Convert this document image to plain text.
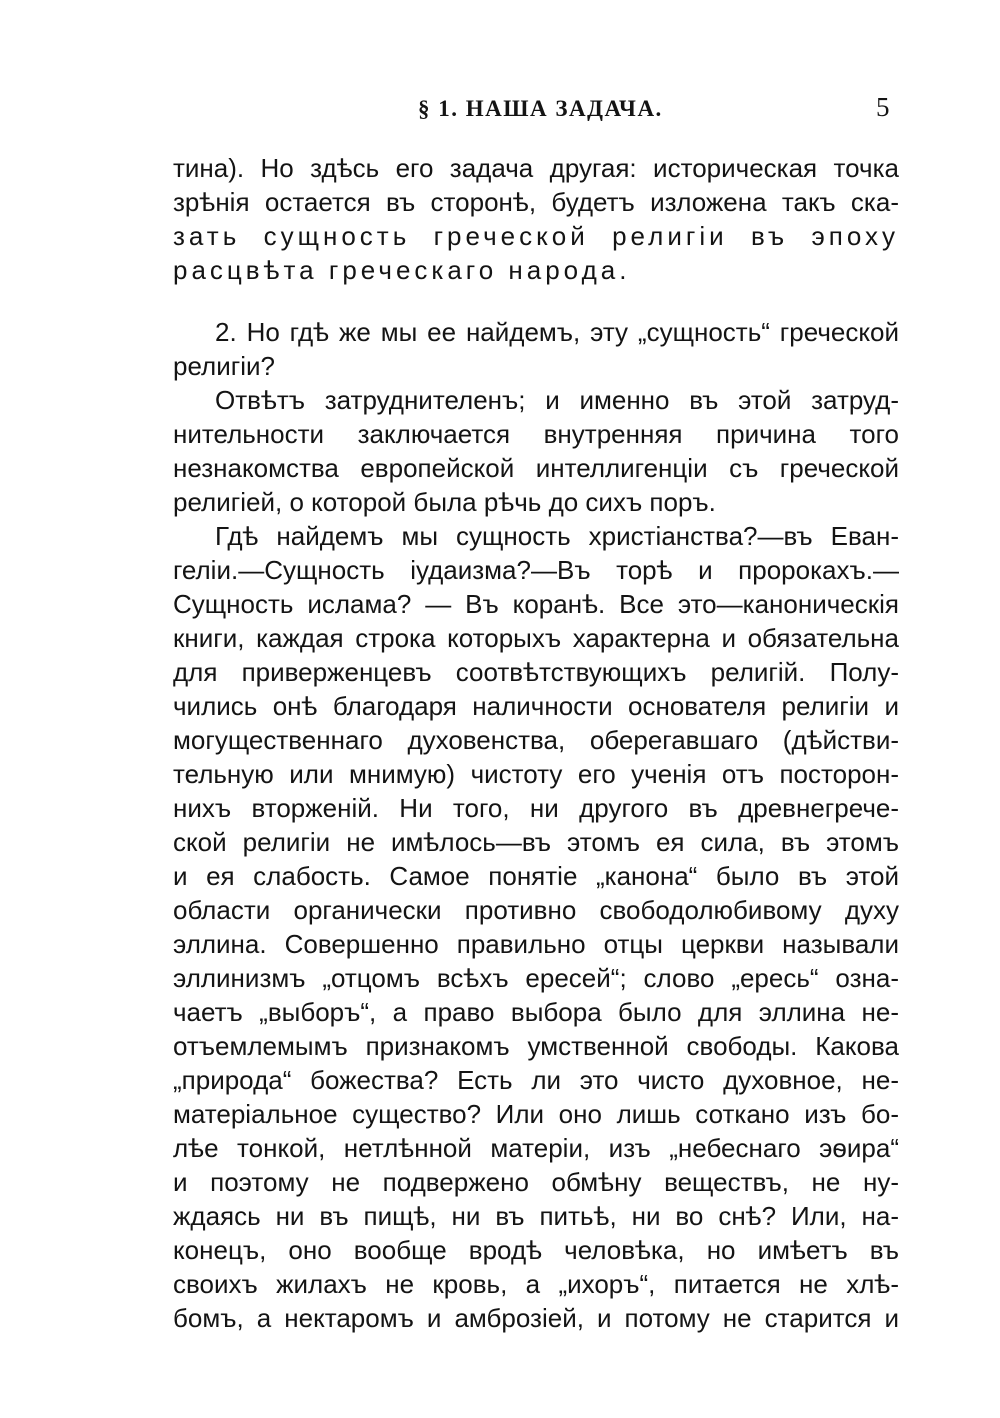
§ 1. НАША ЗАДАЧА.	5
тина). Но здѣсь его задача другая: историческая точка
зрѣнія остается въ сторонѣ, будетъ изложена такъ ска-
зать сущность греческой религіи въ эпоху
расцвѣта греческаго народа.
2. Но гдѣ же мы ее найдемъ, эту „сущность“ греческой
религіи?
Отвѣтъ затруднителенъ; и именно въ этой затруд-
нительности заключается внутренняя причина того
незнакомства европейской интеллигенціи съ греческой
религіей, о которой была рѣчь до сихъ поръ.
Гдѣ найдемъ мы сущность христіанства?—въ Еван-
геліи.—Сущность іудаизма?—Въ торѣ и пророкахъ.—
Сущность ислама? — Въ коранѣ. Все это—каноническія
книги, каждая строка которыхъ характерна и обязательна
для приверженцевъ соотвѣтствующихъ религій. Полу-
чились онѣ благодаря наличности основателя религіи и
могущественнаго духовенства, оберегавшаго (дѣйстви-
тельную или мнимую) чистоту его ученія отъ посторон-
нихъ вторженій. Ни того, ни другого въ древнегрече-
ской религіи не имѣлось—въ этомъ ея сила, въ этомъ
и ея слабость. Самое понятіе „канона“ было въ этой
области органически противно свободолюбивому духу
эллина. Совершенно правильно отцы церкви называли
эллинизмъ „отцомъ всѣхъ ересей“; слово „ересь“ озна-
чаетъ „выборъ“, а право выбора было для эллина не-
отъемлемымъ признакомъ умственной свободы. Какова
„природа“ божества? Есть ли это чисто духовное, не-
матеріальное существо? Или оно лишь соткано изъ бо-
лѣе тонкой, нетлѣнной матеріи, изъ „небеснаго эѳира“
и поэтому не подвержено обмѣну веществъ, не ну-
ждаясь ни въ пищѣ, ни въ питьѣ, ни во снѣ? Или, на-
конецъ, оно вообще вродѣ человѣка, но имѣетъ въ
своихъ жилахъ не кровь, а „ихоръ“, питается не хлѣ-
бомъ, а нектаромъ и амброзіей, и потому не старится и
